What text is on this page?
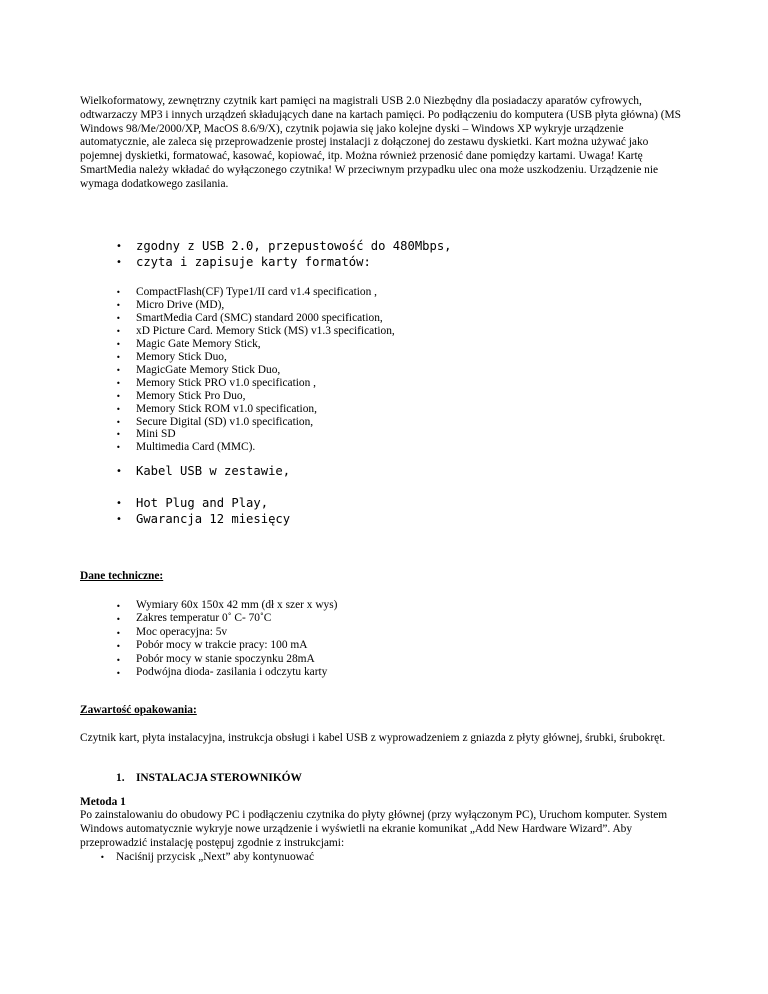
Wielkoformatowy, zewnętrzny czytnik kart pamięci na magistrali USB 2.0 Niezbędny dla posiadaczy aparatów cyfrowych, odtwarzaczy MP3 i innych urządzeń składujących dane na kartach pamięci. Po podłączeniu do komputera (USB płyta główna) (MS Windows 98/Me/2000/XP, MacOS 8.6/9/X), czytnik pojawia się jako kolejne dyski – Windows XP wykryje urządzenie automatycznie, ale zaleca się przeprowadzenie prostej instalacji z dołączonej do zestawu dyskietki. Kart można używać jako pojemnej dyskietki, formatować, kasować, kopiować, itp. Można również przenosić dane pomiędzy kartami. Uwaga! Kartę SmartMedia należy wkładać do wyłączonego czytnika! W przeciwnym przypadku ulec ona może uszkodzeniu. Urządzenie nie wymaga dodatkowego zasilania.

• zgodny z USB 2.0, przepustowość do 480Mbps,
• czyta i zapisuje karty formatów:
• CompactFlash(CF) Type1/II card v1.4 specification ,
• Micro Drive (MD),
• SmartMedia Card (SMC) standard 2000 specification,
• xD Picture Card. Memory Stick (MS) v1.3 specification,
• Magic Gate Memory Stick,
• Memory Stick Duo,
• MagicGate Memory Stick Duo,
• Memory Stick PRO v1.0 specification ,
• Memory Stick Pro Duo,
• Memory Stick ROM v1.0 specification,
• Secure Digital (SD) v1.0 specification,
• Mini SD
• Multimedia Card (MMC).
• Kabel USB w zestawie,
• Hot Plug and Play,
• Gwarancja 12 miesięcy

Dane techniczne:

• Wymiary 60x 150x 42 mm (dł x szer x wys)
• Zakres temperatur 0˚ C- 70˚C
• Moc operacyjna: 5v
• Pobór mocy w trakcie pracy: 100 mA
• Pobór mocy w stanie spoczynku 28mA
• Podwójna dioda- zasilania i odczytu karty

Zawartość opakowania:

Czytnik kart, płyta instalacyjna, instrukcja obsługi i kabel USB z wyprowadzeniem z gniazda z płyty głównej, śrubki, śrubokręt.

1. INSTALACJA STEROWNIKÓW

Metoda 1

Po zainstalowaniu do obudowy PC i podłączeniu czytnika do płyty głównej (przy wyłączonym PC), Uruchom komputer. System Windows automatycznie wykryje nowe urządzenie i wyświetli na ekranie komunikat „Add New Hardware Wizard”. Aby przeprowadzić instalację postępuj zgodnie z instrukcjami:

• Naciśnij przycisk „Next” aby kontynuować
